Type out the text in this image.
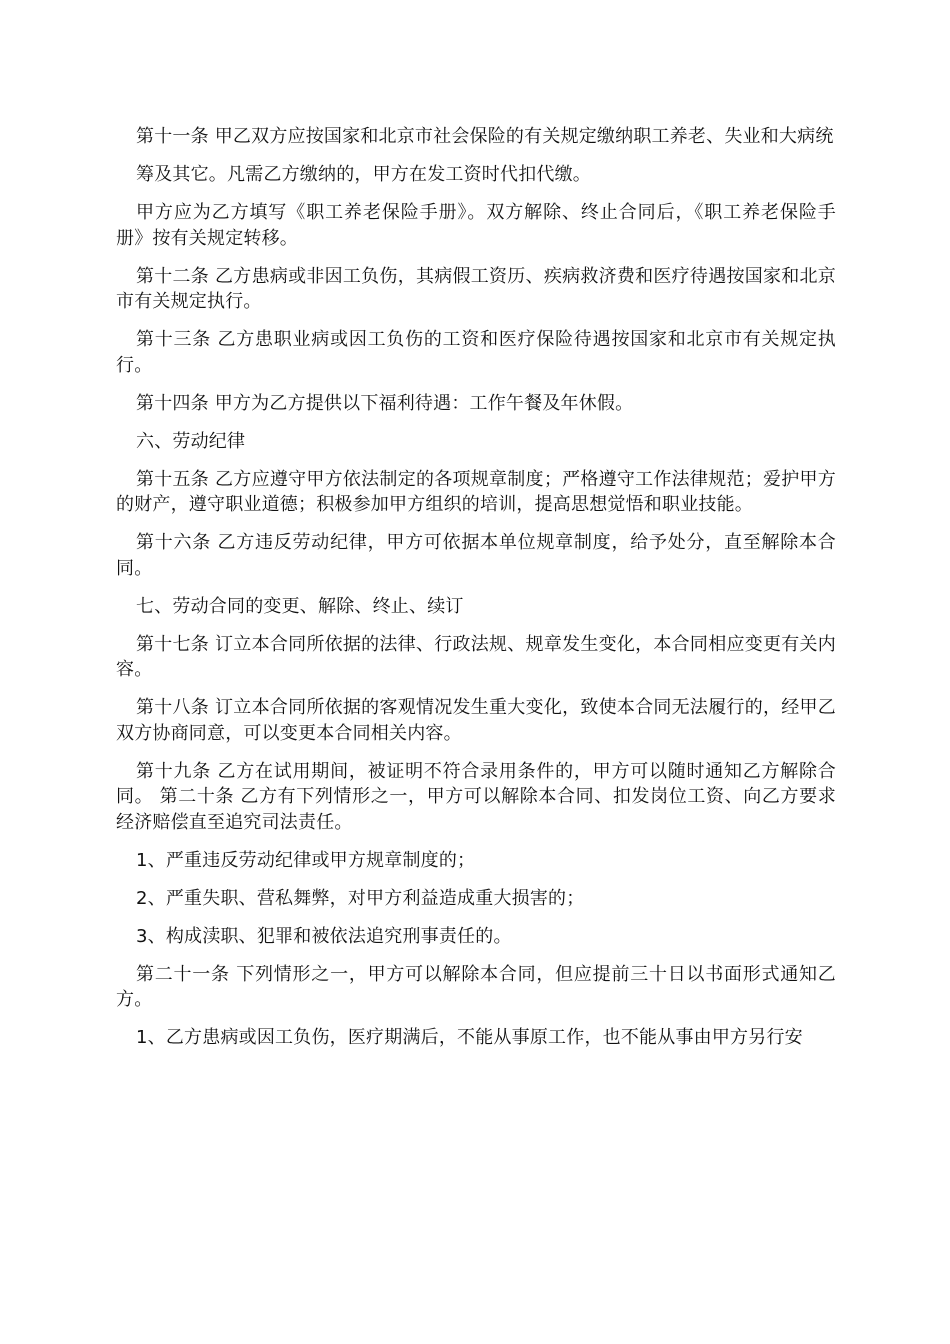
第十一条 甲乙双方应按国家和北京市社会保险的有关规定缴纳职工养老、失业和大病统

筹及其它。凡需乙方缴纳的，甲方在发工资时代扣代缴。

甲方应为乙方填写《职工养老保险手册》。双方解除、终止合同后，《职工养老保险手册》按有关规定转移。

第十二条 乙方患病或非因工负伤，其病假工资历、疾病救济费和医疗待遇按国家和北京市有关规定执行。

第十三条 乙方患职业病或因工负伤的工资和医疗保险待遇按国家和北京市有关规定执行。

第十四条 甲方为乙方提供以下福利待遇：工作午餐及年休假。

六、劳动纪律

第十五条 乙方应遵守甲方依法制定的各项规章制度；严格遵守工作法律规范；爱护甲方的财产，遵守职业道德；积极参加甲方组织的培训，提高思想觉悟和职业技能。

第十六条 乙方违反劳动纪律，甲方可依据本单位规章制度，给予处分，直至解除本合同。

七、劳动合同的变更、解除、终止、续订

第十七条 订立本合同所依据的法律、行政法规、规章发生变化，本合同相应变更有关内容。

第十八条 订立本合同所依据的客观情况发生重大变化，致使本合同无法履行的，经甲乙双方协商同意，可以变更本合同相关内容。

第十九条 乙方在试用期间，被证明不符合录用条件的，甲方可以随时通知乙方解除合同。 第二十条 乙方有下列情形之一，甲方可以解除本合同、扣发岗位工资、向乙方要求经济赔偿直至追究司法责任。

1、严重违反劳动纪律或甲方规章制度的；

2、严重失职、营私舞弊，对甲方利益造成重大损害的；

3、构成渎职、犯罪和被依法追究刑事责任的。

第二十一条 下列情形之一，甲方可以解除本合同，但应提前三十日以书面形式通知乙方。

1、乙方患病或因工负伤，医疗期满后，不能从事原工作，也不能从事由甲方另行安
